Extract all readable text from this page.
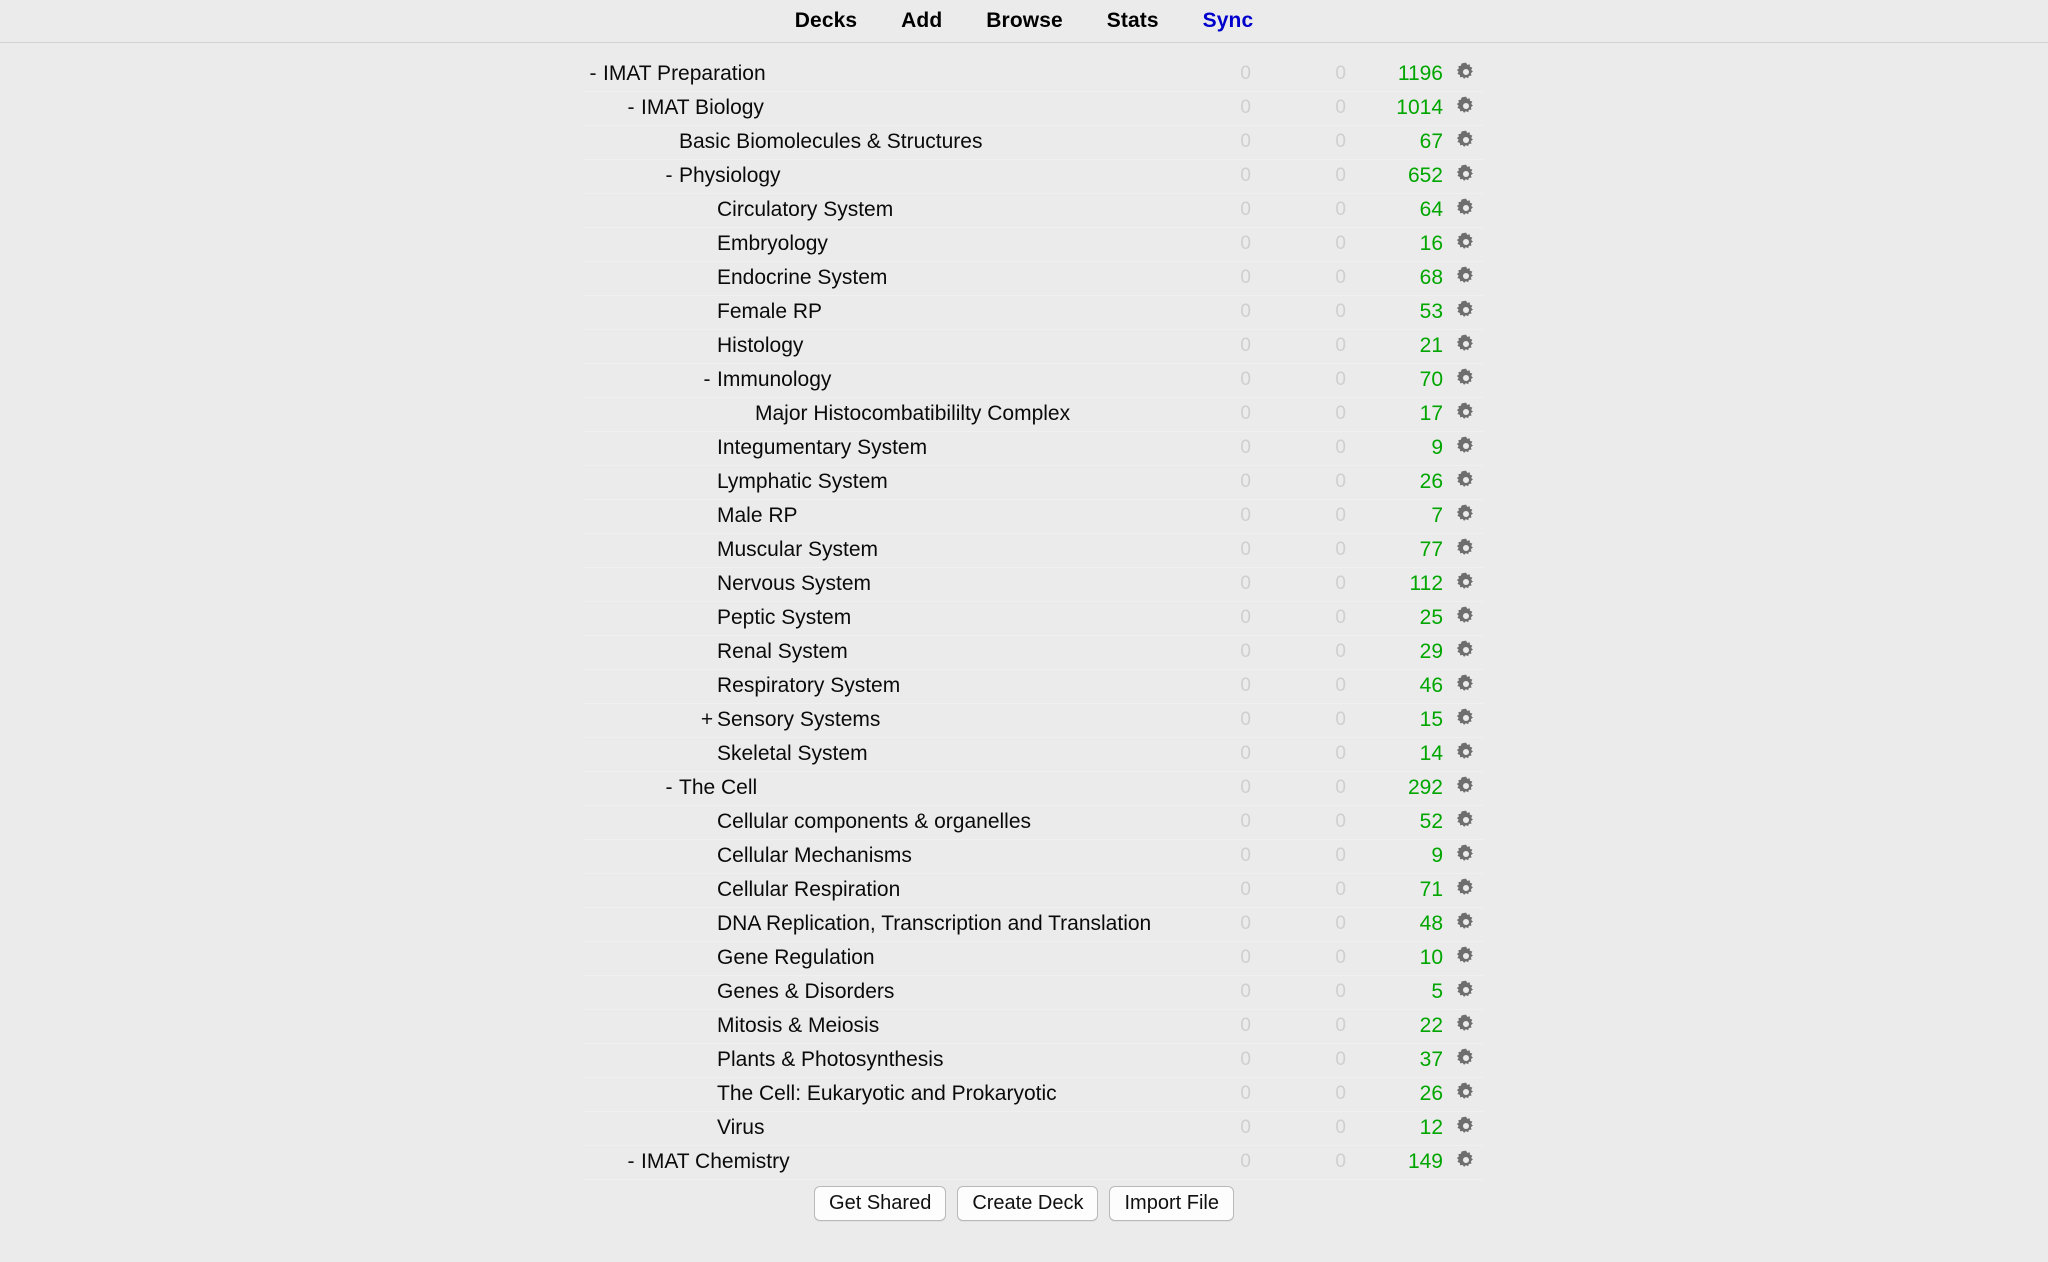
Decks	Add	Browse	Stats	Sync
- IMAT Preparation	0	0	1196	

- IMAT Biology	0	0	1014	

Basic Biomolecules & Structures	0	0	67	

- Physiology	0	0	652	

Circulatory System	0	0	64	

Embryology	0	0	16	

Endocrine System	0	0	68	

Female RP	0	0	53	

Histology	0	0	21	

- Immunology	0	0	70	

Major Histocombatibililty Complex	0	0	17	

Integumentary System	0	0	9	

Lymphatic System	0	0	26	

Male RP	0	0	7	

Muscular System	0	0	77	

Nervous System	0	0	112	

Peptic System	0	0	25	

Renal System	0	0	29	

Respiratory System	0	0	46	

+ Sensory Systems	0	0	15	

Skeletal System	0	0	14	

- The Cell	0	0	292	

Cellular components & organelles	0	0	52	

Cellular Mechanisms	0	0	9	

Cellular Respiration	0	0	71	

DNA Replication, Transcription and Translation	0	0	48	

Gene Regulation	0	0	10	

Genes & Disorders	0	0	5	

Mitosis & Meiosis	0	0	22	

Plants & Photosynthesis	0	0	37	

The Cell: Eukaryotic and Prokaryotic	0	0	26	

Virus	0	0	12	

- IMAT Chemistry	0	0	149	

Get Shared	Create Deck	Import File
